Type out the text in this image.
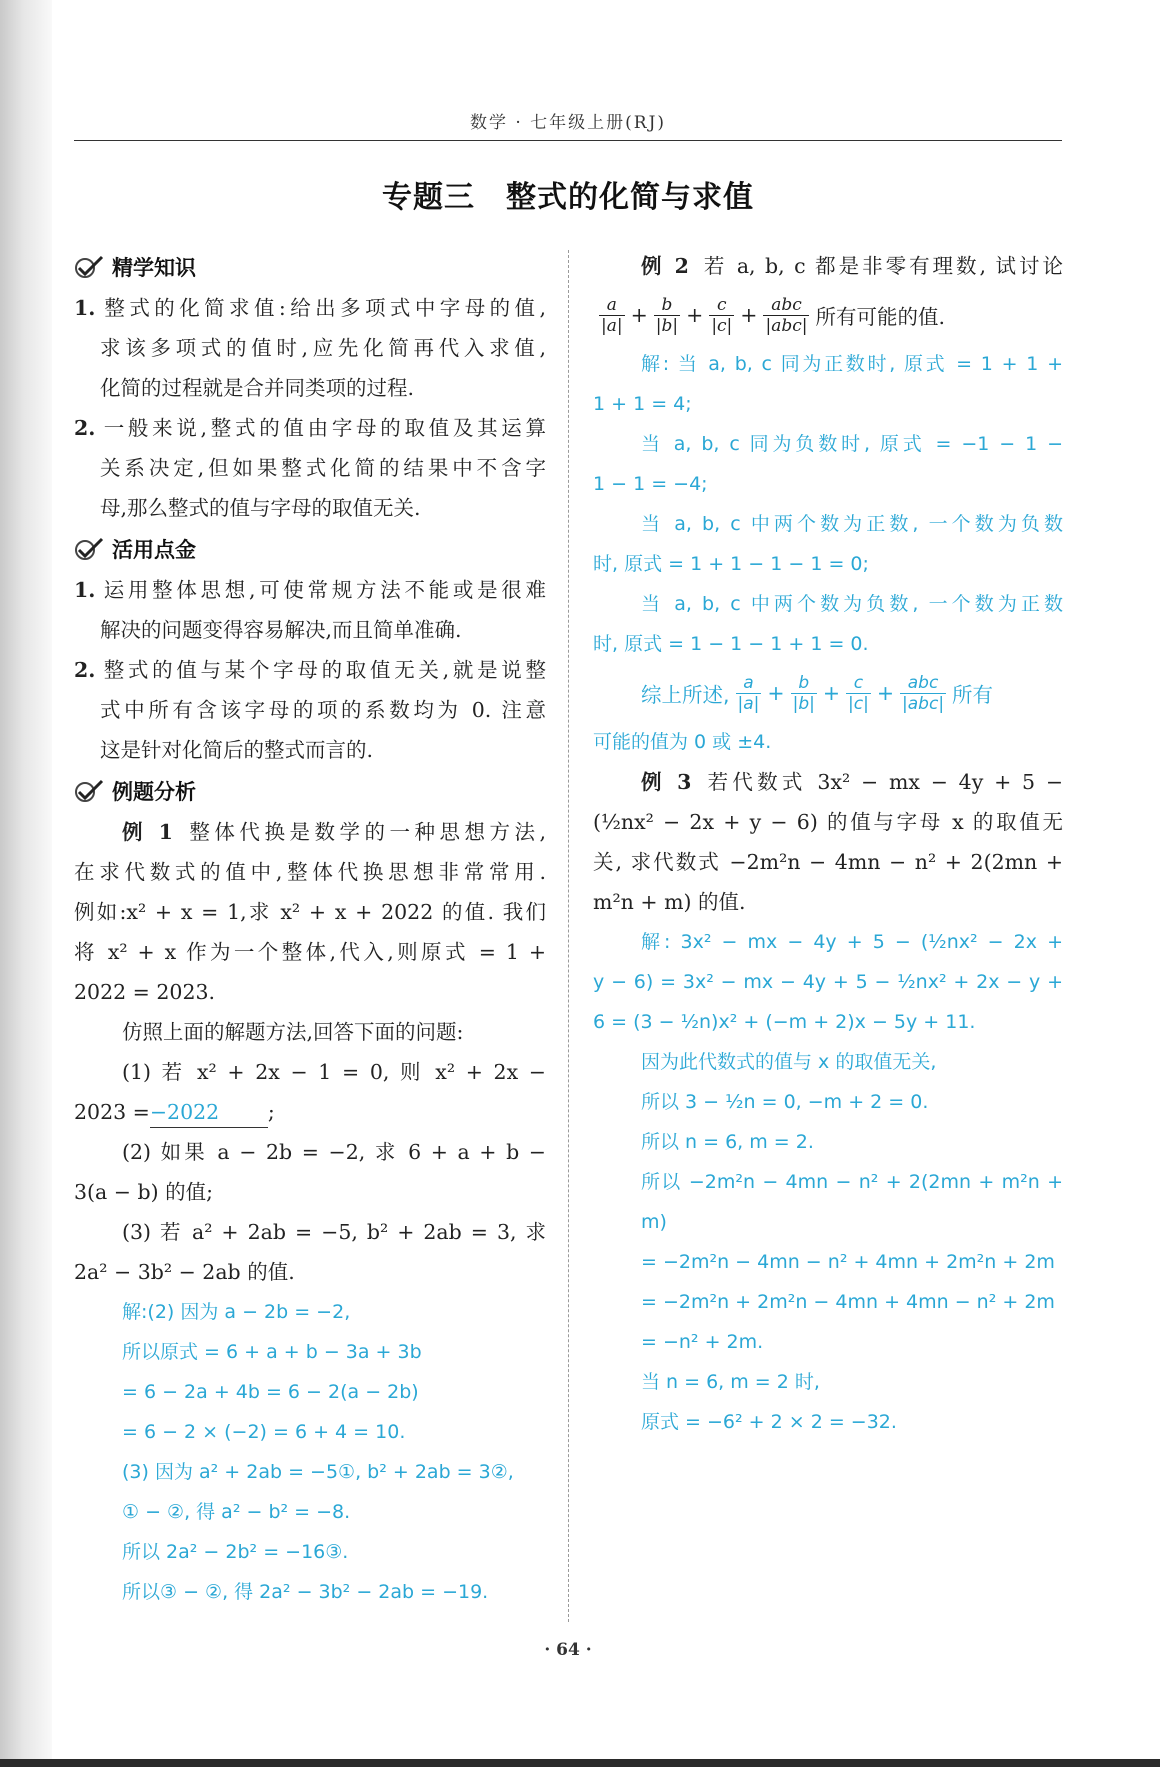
数学 · 七年级上册(RJ)
专题三　整式的化简与求值
精学知识

1. 整式的化简求值:给出多项式中字母的值,

求该多项式的值时,应先化简再代入求值,

化简的过程就是合并同类项的过程.

2. 一般来说,整式的值由字母的取值及其运算

关系决定,但如果整式化简的结果中不含字

母,那么整式的值与字母的取值无关.

活用点金

1. 运用整体思想,可使常规方法不能或是很难

解决的问题变得容易解决,而且简单准确.

2. 整式的值与某个字母的取值无关,就是说整

式中所有含该字母的项的系数均为 0. 注意

这是针对化简后的整式而言的.

例题分析

例 1 整体代换是数学的一种思想方法,

在求代数式的值中,整体代换思想非常常用.

例如:x² + x = 1,求 x² + x + 2022 的值. 我们

将 x² + x 作为一个整体,代入,则原式 = 1 +

2022 = 2023.

仿照上面的解题方法,回答下面的问题:

(1) 若 x² + 2x − 1 = 0, 则 x² + 2x −

2023 =−2022 ;

(2) 如果 a − 2b = −2, 求 6 + a + b −

3(a − b) 的值;

(3) 若 a² + 2ab = −5, b² + 2ab = 3, 求

2a² − 3b² − 2ab 的值.

解:(2) 因为 a − 2b = −2,

所以原式 = 6 + a + b − 3a + 3b

= 6 − 2a + 4b = 6 − 2(a − 2b)

= 6 − 2 × (−2) = 6 + 4 = 10.

(3) 因为 a² + 2ab = −5①, b² + 2ab = 3②,

① − ②, 得 a² − b² = −8.

所以 2a² − 2b² = −16③.

所以③ − ②, 得 2a² − 3b² − 2ab = −19.

例 2 若 a, b, c 都是非零有理数, 试讨论

$\frac{a}{|a|} + \frac{b}{|b|} + \frac{c}{|c|} + \frac{\text{abc}}{\text{|abc|}}$ 所有可能的值.

解: 当 a, b, c 同为正数时, 原式 = 1 + 1 +

1 + 1 = 4;

当 a, b, c 同为负数时, 原式 = −1 − 1 −

1 − 1 = −4;

当 a, b, c 中两个数为正数, 一个数为负数

时, 原式 = 1 + 1 − 1 − 1 = 0;

当 a, b, c 中两个数为负数, 一个数为正数

时, 原式 = 1 − 1 − 1 + 1 = 0.

综上所述, $\frac{a}{|a|} + \frac{b}{|b|} + \frac{c}{|c|} + \frac{\text{abc}}{\text{|abc|}}$ 所有

可能的值为 0 或 ±4.

例 3 若代数式 3x² − mx − 4y + 5 −

(½nx² − 2x + y − 6) 的值与字母 x 的取值无

关, 求代数式 −2m²n − 4mn − n² + 2(2mn +

m²n + m) 的值.

解: 3x² − mx − 4y + 5 − (½nx² − 2x +

y − 6) = 3x² − mx − 4y + 5 − ½nx² + 2x − y +

6 = (3 − ½n)x² + (−m + 2)x − 5y + 11.

因为此代数式的值与 x 的取值无关,

所以 3 − ½n = 0, −m + 2 = 0.

所以 n = 6, m = 2.

所以 −2m²n − 4mn − n² + 2(2mn + m²n + m)

= −2m²n − 4mn − n² + 4mn + 2m²n + 2m

= −2m²n + 2m²n − 4mn + 4mn − n² + 2m

= −n² + 2m.

当 n = 6, m = 2 时,

原式 = −6² + 2 × 2 = −32.

· 64 ·
